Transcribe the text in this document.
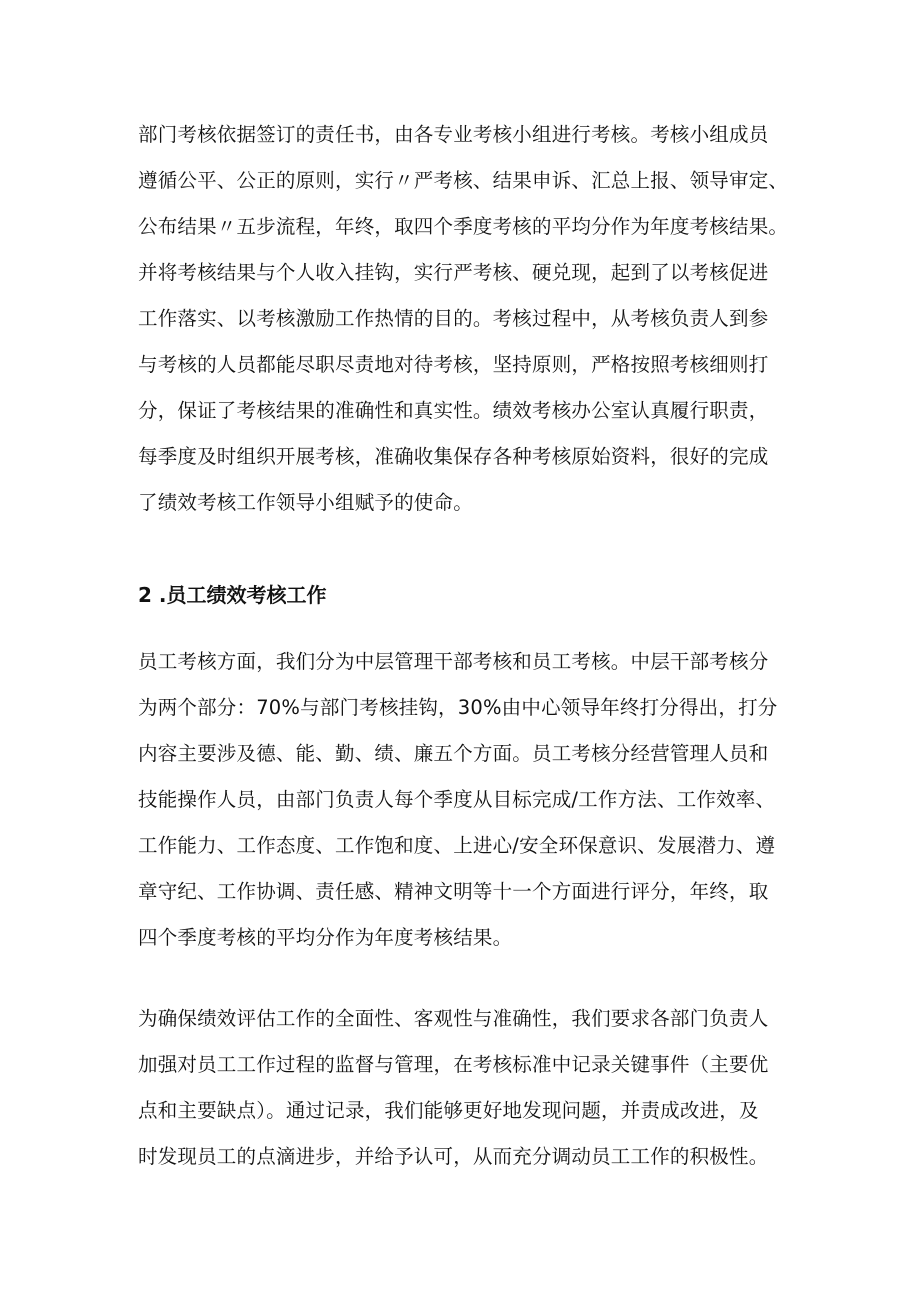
部门考核依据签订的责任书，由各专业考核小组进行考核。考核小组成员
遵循公平、公正的原则，实行〃严考核、结果申诉、汇总上报、领导审定、
公布结果〃五步流程，年终，取四个季度考核的平均分作为年度考核结果。
并将考核结果与个人收入挂钩，实行严考核、硬兑现，起到了以考核促进
工作落实、以考核激励工作热情的目的。考核过程中，从考核负责人到参
与考核的人员都能尽职尽责地对待考核，坚持原则，严格按照考核细则打
分，保证了考核结果的准确性和真实性。绩效考核办公室认真履行职责，
每季度及时组织开展考核，准确收集保存各种考核原始资料，很好的完成
了绩效考核工作领导小组赋予的使命。
2 .员工绩效考核工作
员工考核方面，我们分为中层管理干部考核和员工考核。中层干部考核分
为两个部分：70%与部门考核挂钩，30%由中心领导年终打分得出，打分
内容主要涉及德、能、勤、绩、廉五个方面。员工考核分经营管理人员和
技能操作人员，由部门负责人每个季度从目标完成/工作方法、工作效率、
工作能力、工作态度、工作饱和度、上进心/安全环保意识、发展潜力、遵
章守纪、工作协调、责任感、精神文明等十一个方面进行评分，年终，取
四个季度考核的平均分作为年度考核结果。
为确保绩效评估工作的全面性、客观性与准确性，我们要求各部门负责人
加强对员工工作过程的监督与管理，在考核标准中记录关键事件（主要优
点和主要缺点）。通过记录，我们能够更好地发现问题，并责成改进，及
时发现员工的点滴进步，并给予认可，从而充分调动员工工作的积极性。
